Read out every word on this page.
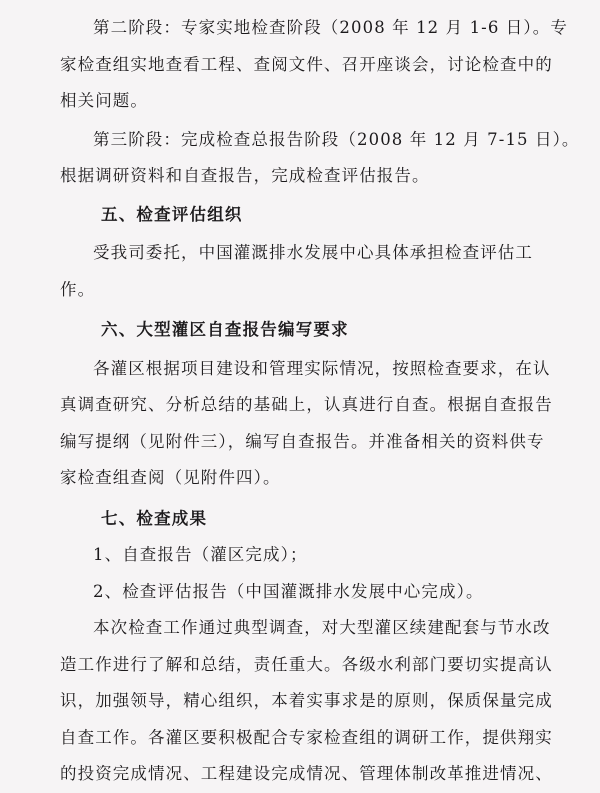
第二阶段：专家实地检查阶段（2008 年 12 月 1-6 日）。专
家检查组实地查看工程、查阅文件、召开座谈会，讨论检查中的
相关问题。

第三阶段：完成检查总报告阶段（2008 年 12 月 7-15 日）。
根据调研资料和自查报告，完成检查评估报告。

五、检查评估组织

受我司委托，中国灌溉排水发展中心具体承担检查评估工
作。

六、大型灌区自查报告编写要求

各灌区根据项目建设和管理实际情况，按照检查要求，在认
真调查研究、分析总结的基础上，认真进行自查。根据自查报告
编写提纲（见附件三），编写自查报告。并准备相关的资料供专
家检查组查阅（见附件四）。

七、检查成果

1、自查报告（灌区完成）；

2、检查评估报告（中国灌溉排水发展中心完成）。

本次检查工作通过典型调查，对大型灌区续建配套与节水改
造工作进行了解和总结，责任重大。各级水利部门要切实提高认
识，加强领导，精心组织，本着实事求是的原则，保质保量完成
自查工作。各灌区要积极配合专家检查组的调研工作，提供翔实
的投资完成情况、工程建设完成情况、管理体制改革推进情况、
